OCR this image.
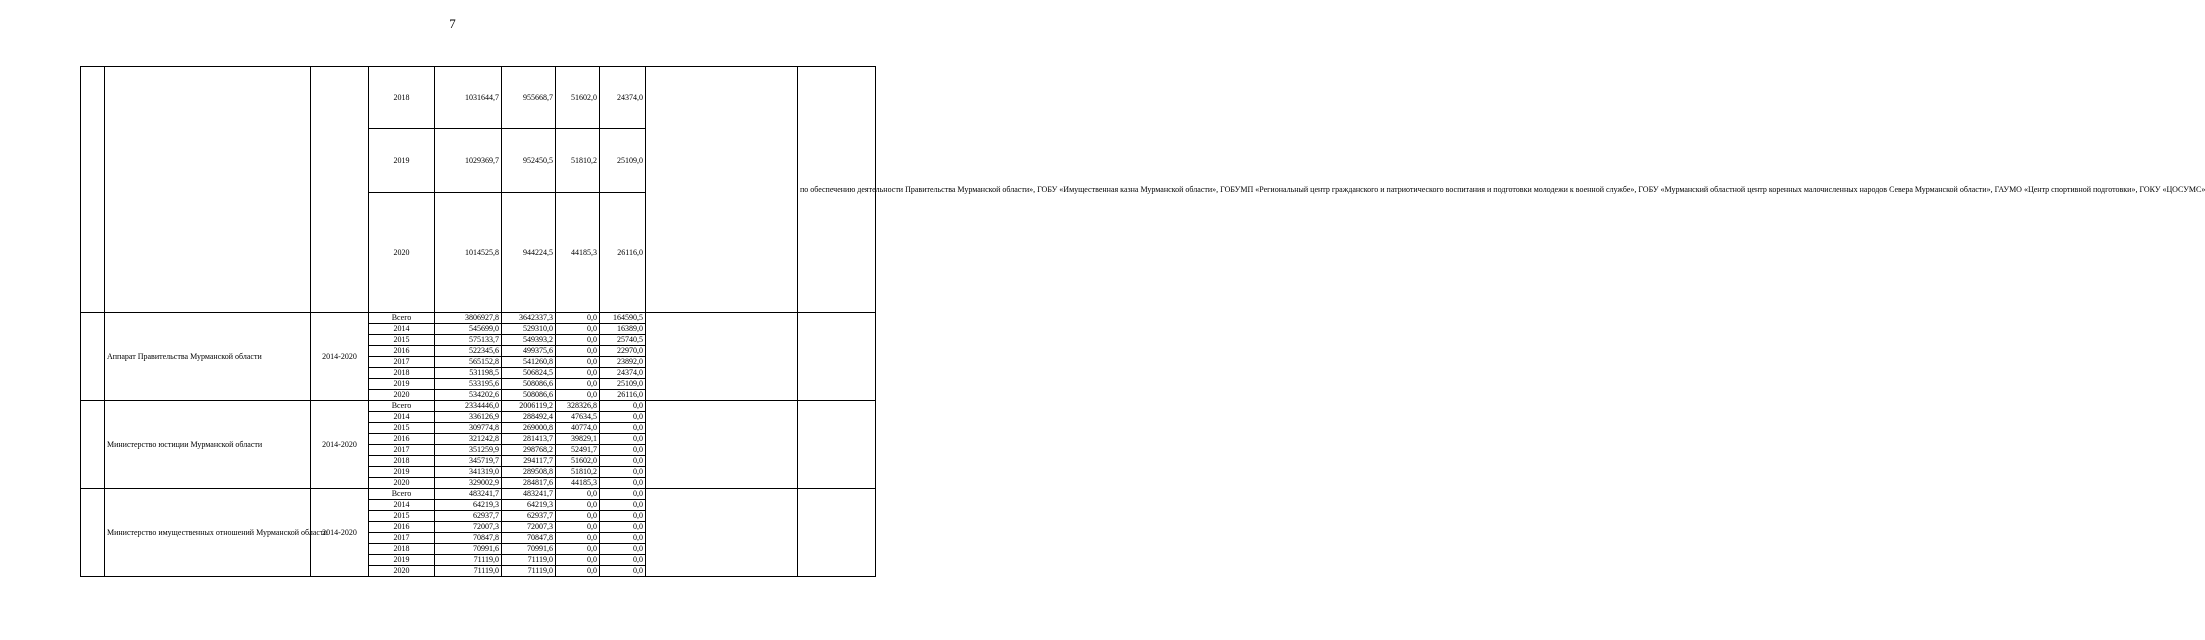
7
			2018	1031644,7	955668,7	51602,0	24374,0		по обеспечению деятельности Правительства Мурманской области», ГОБУ «Имущественная казна Мурманской области», ГОБУМП «Региональный центр гражданского и патриотического воспитания и подготовки молодежи к военной службе», ГОБУ «Мурманский областной центр коренных малочисленных народов Севера Мурманской области», ГАУМО «Центр спортивной подготовки», ГОКУ «ЦОСУМС»	
			2019	1029369,7	952450,5	51810,2	25109,0			
			2020	1014525,8	944224,5	44185,3	26116,0			
	Аппарат Правительства Мурманской области	2014-2020	Всего	3806927,8	3642337,3	0,0	164590,5			
			2014	545699,0	529310,0	0,0	16389,0			
			2015	575133,7	549393,2	0,0	25740,5			
			2016	522345,6	499375,6	0,0	22970,0			
			2017	565152,8	541260,8	0,0	23892,0			
			2018	531198,5	506824,5	0,0	24374,0			
			2019	533195,6	508086,6	0,0	25109,0			
			2020	534202,6	508086,6	0,0	26116,0			
	Министерство юстиции Мурманской области	2014-2020	Всего	2334446,0	2006119,2	328326,8	0,0			
			2014	336126,9	288492,4	47634,5	0,0			
			2015	309774,8	269000,8	40774,0	0,0			
			2016	321242,8	281413,7	39829,1	0,0			
			2017	351259,9	298768,2	52491,7	0,0			
			2018	345719,7	294117,7	51602,0	0,0			
			2019	341319,0	289508,8	51810,2	0,0			
			2020	329002,9	284817,6	44185,3	0,0			
	Министерство имущественных отношений Мурманской области	2014-2020	Всего	483241,7	483241,7	0,0	0,0			
			2014	64219,3	64219,3	0,0	0,0			
			2015	62937,7	62937,7	0,0	0,0			
			2016	72007,3	72007,3	0,0	0,0			
			2017	70847,8	70847,8	0,0	0,0			
			2018	70991,6	70991,6	0,0	0,0			
			2019	71119,0	71119,0	0,0	0,0			
			2020	71119,0	71119,0	0,0	0,0			
